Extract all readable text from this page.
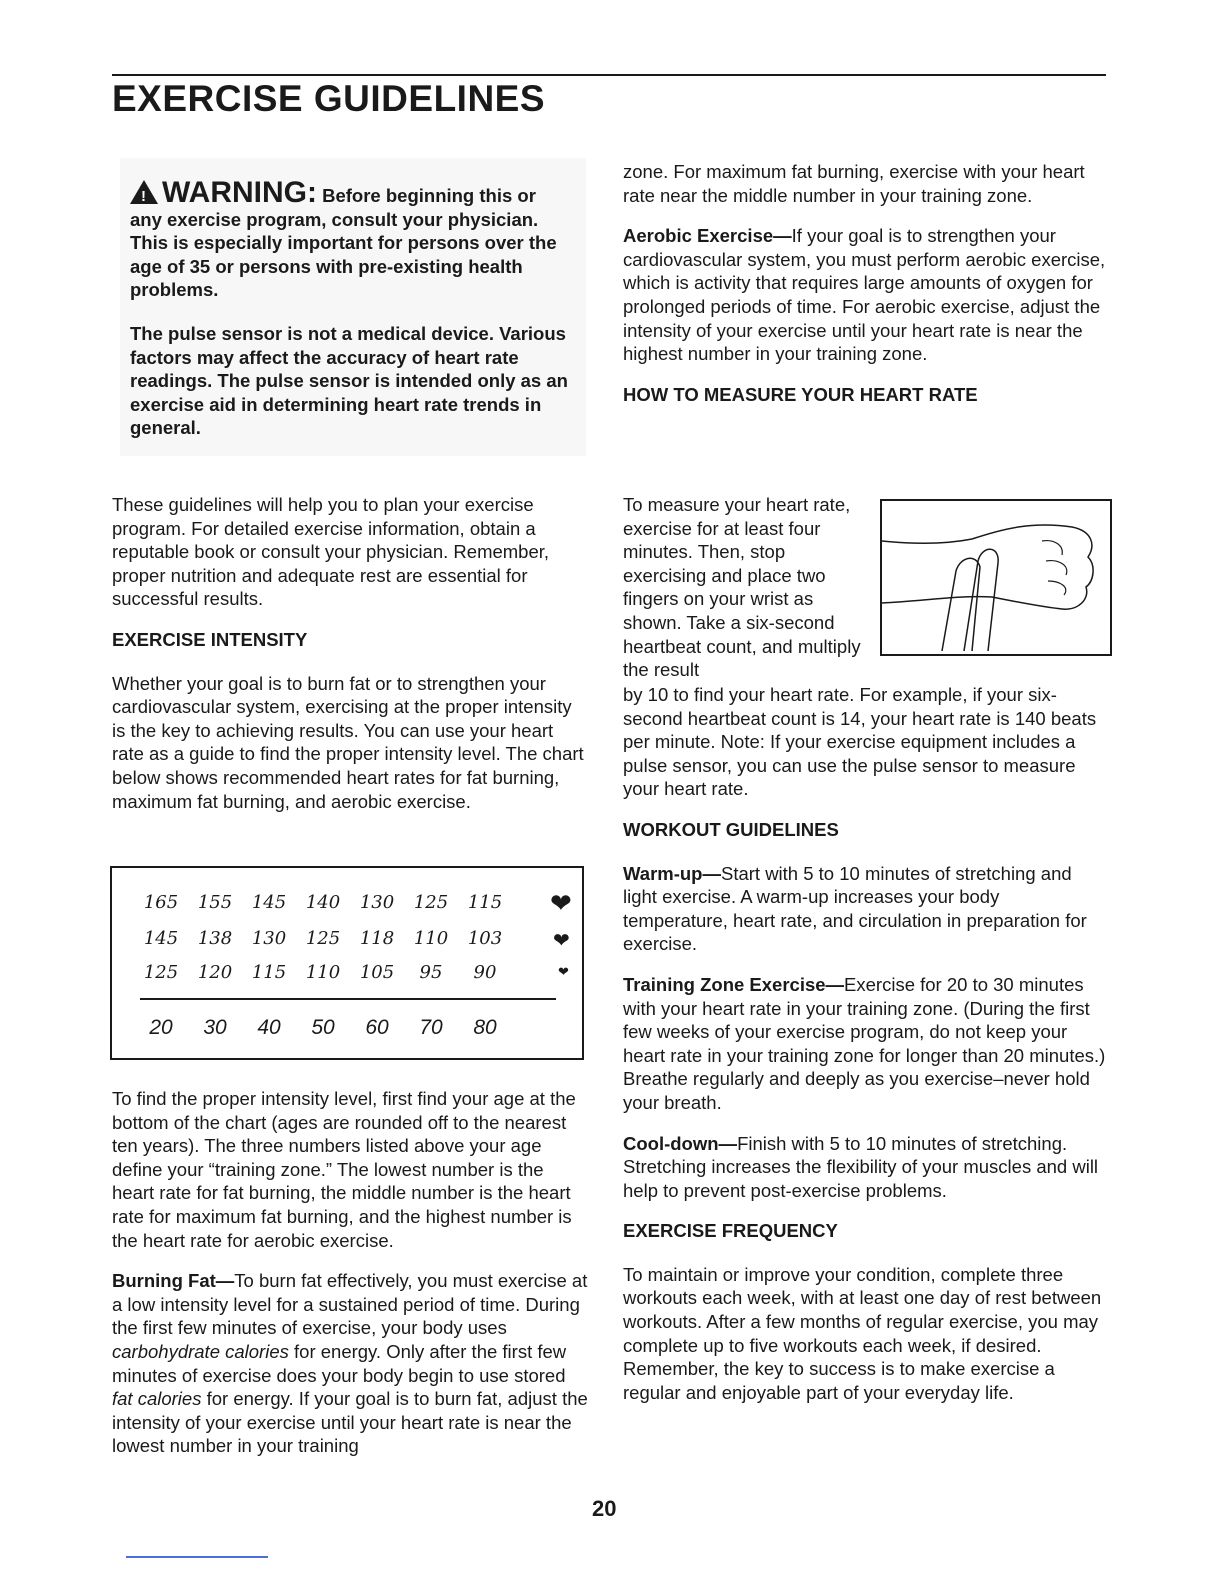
EXERCISE GUIDELINES

!WARNING: Before beginning this or any exercise program, consult your physician. This is especially important for persons over the age of 35 or persons with pre-existing health problems.

The pulse sensor is not a medical device. Various factors may affect the accuracy of heart rate readings. The pulse sensor is intended only as an exercise aid in determining heart rate trends in general.

These guidelines will help you to plan your exercise program. For detailed exercise information, obtain a reputable book or consult your physician. Remember, proper nutrition and adequate rest are essential for successful results.

EXERCISE INTENSITY

Whether your goal is to burn fat or to strengthen your cardiovascular system, exercising at the proper intensity is the key to achieving results. You can use your heart rate as a guide to find the proper intensity level. The chart below shows recommended heart rates for fat burning, maximum fat burning, and aerobic exercise.

165 155 145 140 130 125 115	❤
145 138 130 125 118 110 103	❤
125 120 115 110 105 95 90	❤
20 30 40 50 60 70 80

To find the proper intensity level, first find your age at the bottom of the chart (ages are rounded off to the nearest ten years). The three numbers listed above your age define your “training zone.” The lowest number is the heart rate for fat burning, the middle number is the heart rate for maximum fat burning, and the highest number is the heart rate for aerobic exercise.

Burning Fat—To burn fat effectively, you must exercise at a low intensity level for a sustained period of time. During the first few minutes of exercise, your body uses carbohydrate calories for energy. Only after the first few minutes of exercise does your body begin to use stored fat calories for energy. If your goal is to burn fat, adjust the intensity of your exercise until your heart rate is near the lowest number in your training

zone. For maximum fat burning, exercise with your heart rate near the middle number in your training zone.

Aerobic Exercise—If your goal is to strengthen your cardiovascular system, you must perform aerobic exercise, which is activity that requires large amounts of oxygen for prolonged periods of time. For aerobic exercise, adjust the intensity of your exercise until your heart rate is near the highest number in your training zone.

HOW TO MEASURE YOUR HEART RATE
To measure your heart rate, exercise for at least four minutes. Then, stop exercising and place two fingers on your wrist as shown. Take a six-second heartbeat count, and multiply the result

by 10 to find your heart rate. For example, if your six-second heartbeat count is 14, your heart rate is 140 beats per minute. Note: If your exercise equipment includes a pulse sensor, you can use the pulse sensor to measure your heart rate.

WORKOUT GUIDELINES

Warm-up—Start with 5 to 10 minutes of stretching and light exercise. A warm-up increases your body temperature, heart rate, and circulation in preparation for exercise.

Training Zone Exercise—Exercise for 20 to 30 minutes with your heart rate in your training zone. (During the first few weeks of your exercise program, do not keep your heart rate in your training zone for longer than 20 minutes.) Breathe regularly and deeply as you exercise–never hold your breath.

Cool-down—Finish with 5 to 10 minutes of stretching. Stretching increases the flexibility of your muscles and will help to prevent post-exercise problems.

EXERCISE FREQUENCY

To maintain or improve your condition, complete three workouts each week, with at least one day of rest between workouts. After a few months of regular exercise, you may complete up to five workouts each week, if desired. Remember, the key to success is to make exercise a regular and enjoyable part of your everyday life.

20
